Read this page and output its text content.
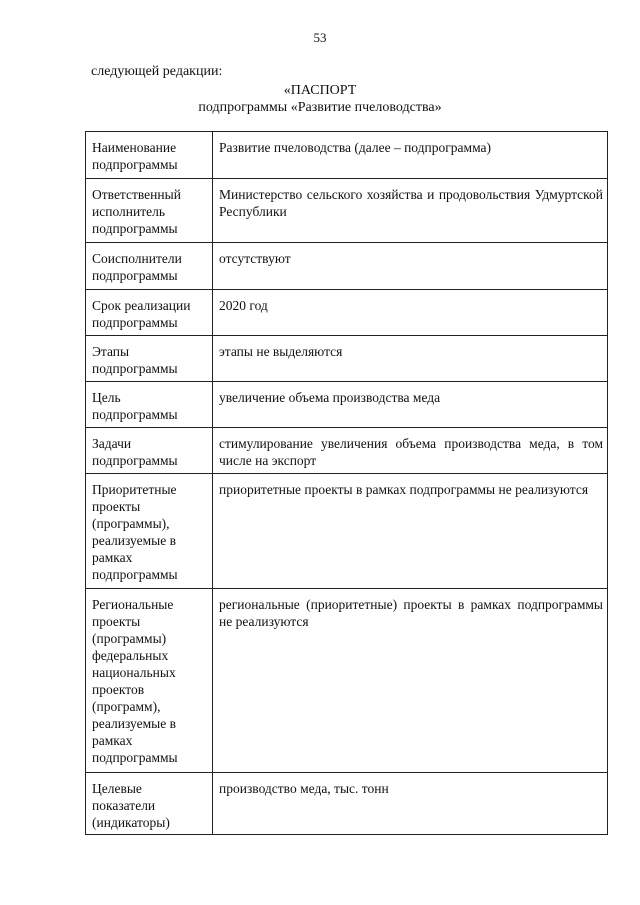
53
следующей редакции:
«ПАСПОРТ
подпрограммы «Развитие пчеловодства»
Наименование подпрограммы	Развитие пчеловодства (далее – подпрограмма)
Ответственный исполнитель подпрограммы	Министерство сельского хозяйства и продовольствия Удмуртской Республики
Соисполнители подпрограммы	отсутствуют
Срок реализации подпрограммы	2020 год
Этапы подпрограммы	этапы не выделяются
Цель подпрограммы	увеличение объема производства меда
Задачи подпрограммы	стимулирование увеличения объема производства меда, в том числе на экспорт
Приоритетные проекты (программы), реализуемые в рамках подпрограммы	приоритетные проекты в рамках подпрограммы не реализуются
Региональные проекты (программы) федеральных национальных проектов (программ), реализуемые в рамках подпрограммы	региональные (приоритетные) проекты в рамках подпрограммы не реализуются
Целевые показатели (индикаторы)	производство меда, тыс. тонн
